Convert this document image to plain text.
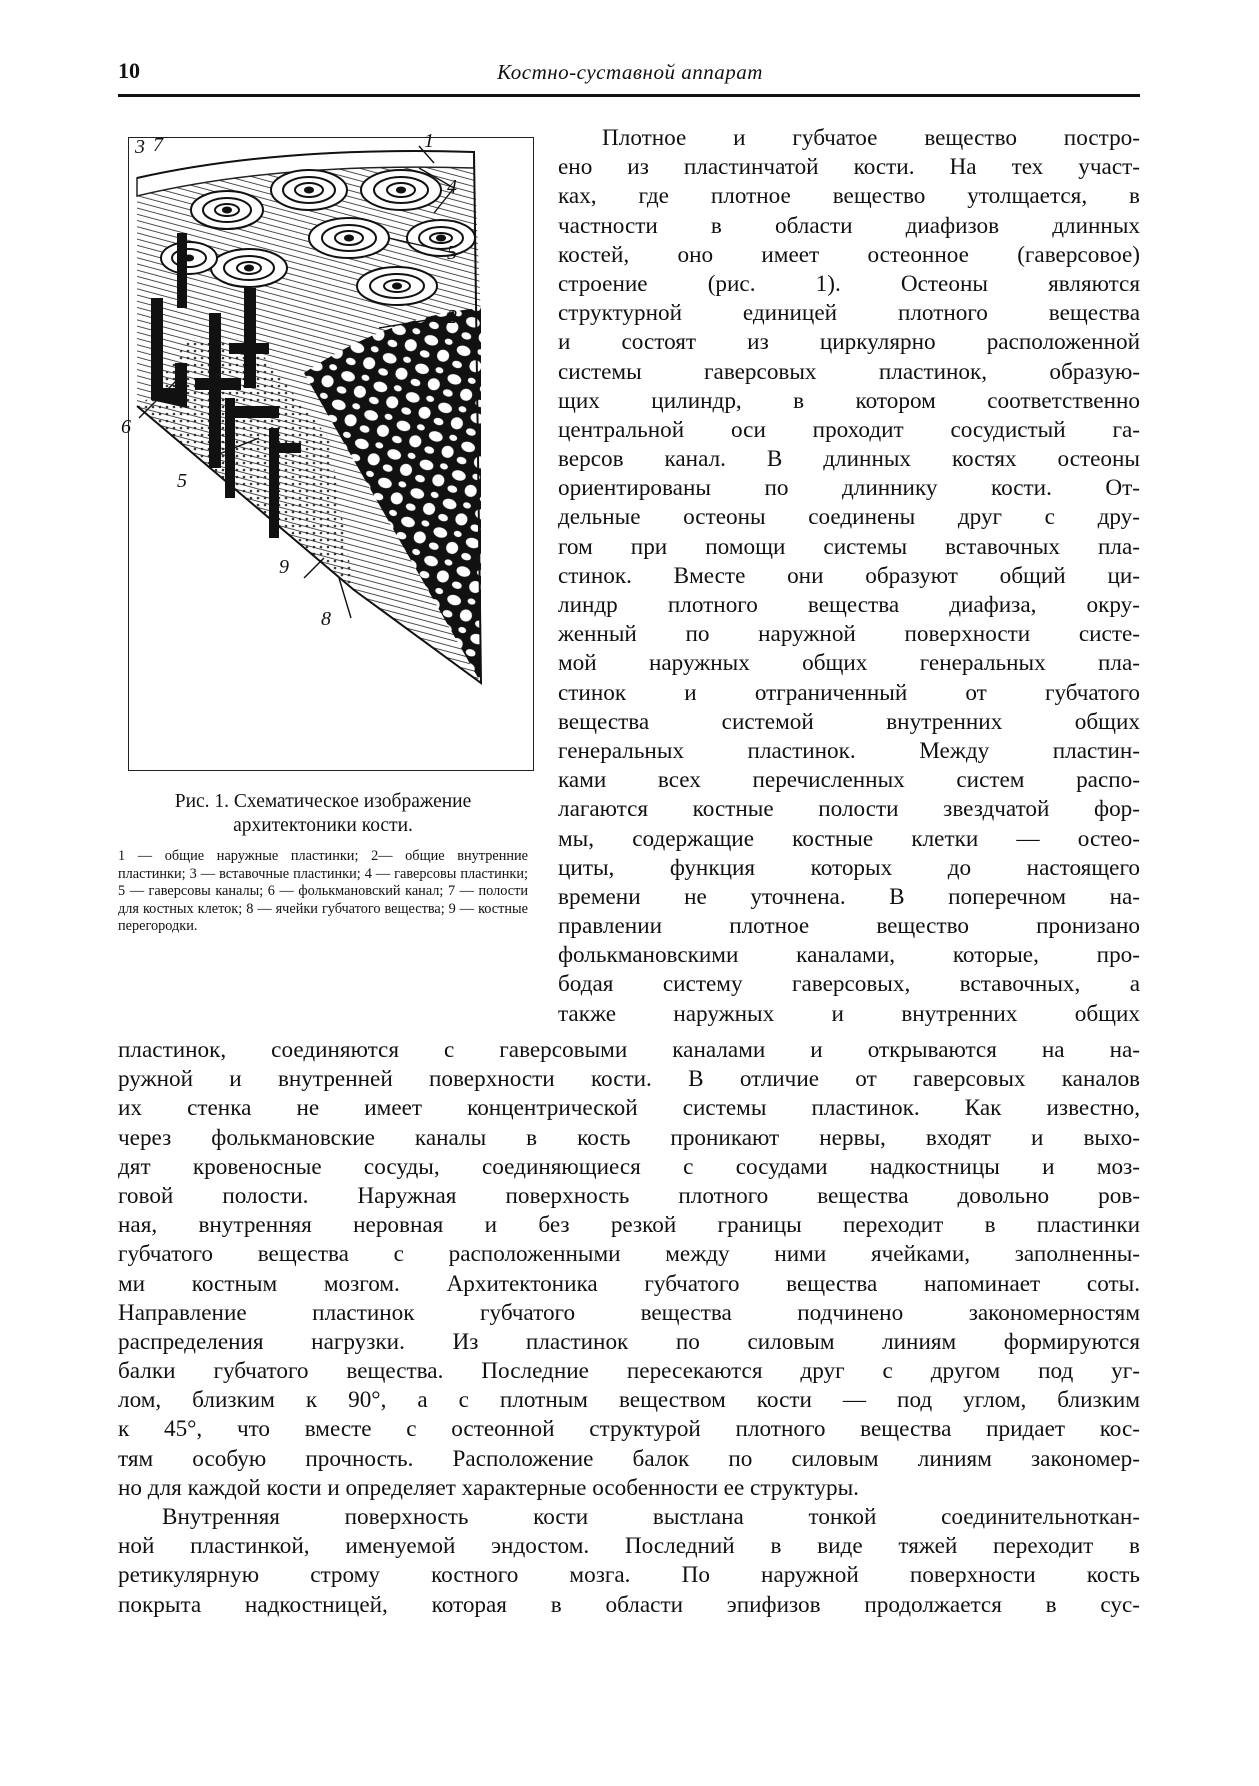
10	Костно-суставной аппарат
3 7	1
4
5
2
6
5
9
8

Рис. 1. Схематическое изображение архитектоники кости.

1 — общие наружные пластинки; 2— общие внутренние пластинки; 3 — вставочные пластинки; 4 — гаверсовы пластинки; 5 — гаверсовы каналы; 6 — фолькмановский канал; 7 — полости для костных клеток; 8 — ячейки губчатого вещества; 9 — костные перегородки.

Плотное и губчатое вещество постро-
ено из пластинчатой кости. На тех участ-
ках, где плотное вещество утолщается, в
частности в области диафизов длинных
костей, оно имеет остеонное (гаверсовое)
строение (рис. 1). Остеоны являются
структурной единицей плотного вещества
и состоят из циркулярно расположенной
системы гаверсовых пластинок, образую-
щих цилиндр, в котором соответственно
центральной оси проходит сосудистый га-
версов канал. В длинных костях остеоны
ориентированы по длиннику кости. От-
дельные остеоны соединены друг с дру-
гом при помощи системы вставочных пла-
стинок. Вместе они образуют общий ци-
линдр плотного вещества диафиза, окру-
женный по наружной поверхности систе-
мой наружных общих генеральных пла-
стинок и отграниченный от губчатого
вещества системой внутренних общих
генеральных пластинок. Между пластин-
ками всех перечисленных систем распо-
лагаются костные полости звездчатой фор-
мы, содержащие костные клетки — остео-
циты, функция которых до настоящего
времени не уточнена. В поперечном на-
правлении плотное вещество пронизано
фолькмановскими каналами, которые, про-
бодая систему гаверсовых, вставочных, а
также наружных и внутренних общих
пластинок, соединяются с гаверсовыми каналами и открываются на на-
ружной и внутренней поверхности кости. В отличие от гаверсовых каналов
их стенка не имеет концентрической системы пластинок. Как известно,
через фолькмановские каналы в кость проникают нервы, входят и выхо-
дят кровеносные сосуды, соединяющиеся с сосудами надкостницы и моз-
говой полости. Наружная поверхность плотного вещества довольно ров-
ная, внутренняя неровная и без резкой границы переходит в пластинки
губчатого вещества с расположенными между ними ячейками, заполненны-
ми костным мозгом. Архитектоника губчатого вещества напоминает соты.
Направление пластинок губчатого вещества подчинено закономерностям
распределения нагрузки. Из пластинок по силовым линиям формируются
балки губчатого вещества. Последние пересекаются друг с другом под уг-
лом, близким к 90°, а с плотным веществом кости — под углом, близким
к 45°, что вместе с остеонной структурой плотного вещества придает кос-
тям особую прочность. Расположение балок по силовым линиям закономер-
но для каждой кости и определяет характерные особенности ее структуры.
Внутренняя поверхность кости выстлана тонкой соединительноткан-
ной пластинкой, именуемой эндостом. Последний в виде тяжей переходит в
ретикулярную строму костного мозга. По наружной поверхности кость
покрыта надкостницей, которая в области эпифизов продолжается в сус-
